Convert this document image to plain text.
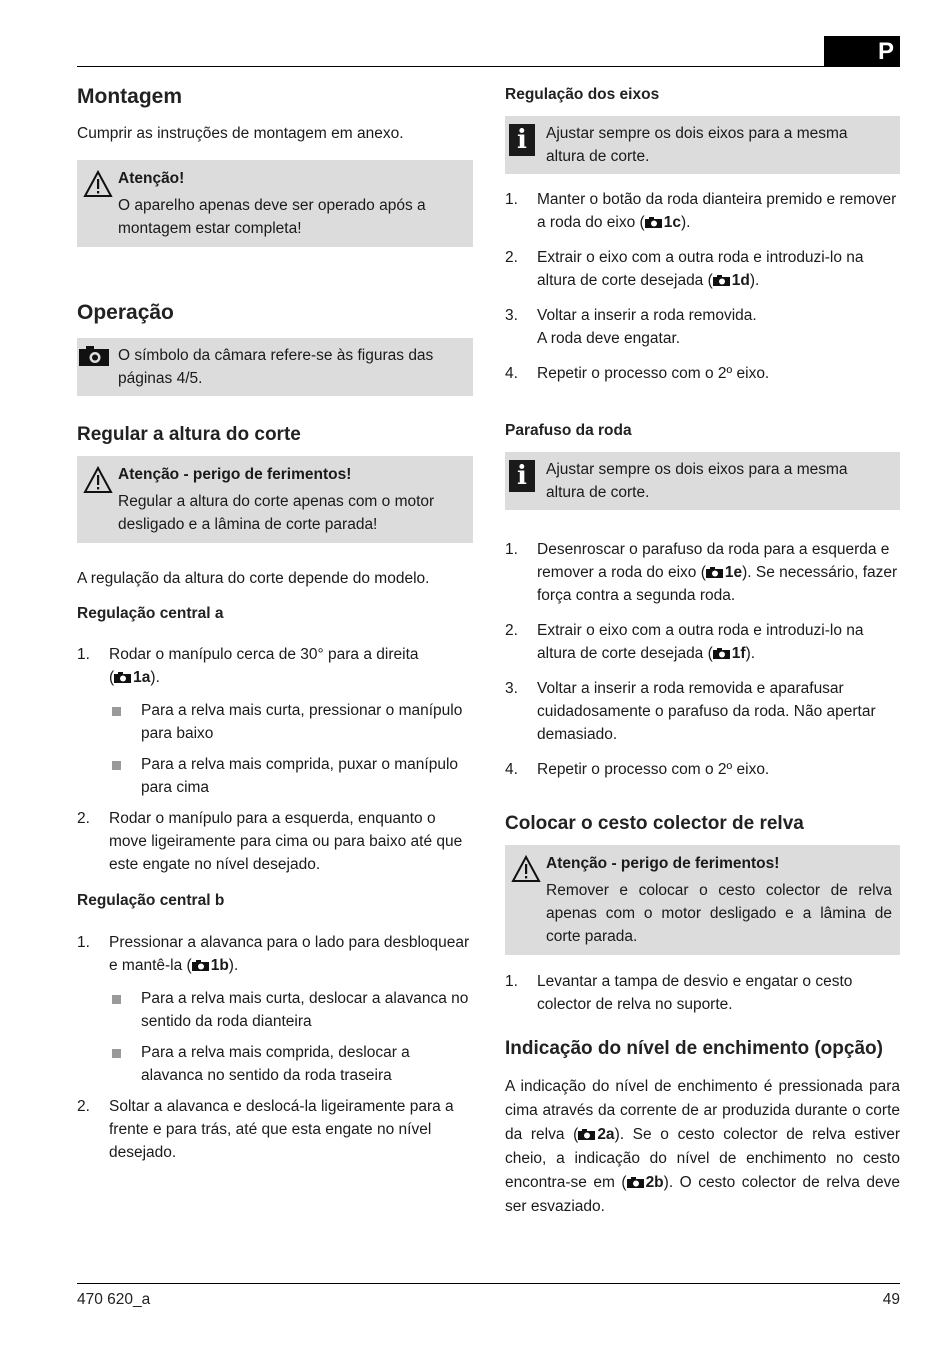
P
470 620_a	49
Montagem

Cumprir as instruções de montagem em anexo.

Atenção!
O aparelho apenas deve ser operado após a montagem estar completa!
Operação
O símbolo da câmara refere-se às figuras das páginas 4/5.
Regular a altura do corte
Atenção - perigo de ferimentos!
Regular a altura do corte apenas com o motor desligado e a lâmina de corte parada!

A regulação da altura do corte depende do modelo.

Regulação central a
1. Rodar o manípulo cerca de 30° para a direita
( 1a).
Para a relva mais curta, pressionar o manípulo para baixo
Para a relva mais comprida, puxar o manípulo para cima
2. Rodar o manípulo para a esquerda, enquanto o move ligeiramente para cima ou para baixo até que este engate no nível desejado.
Regulação central b
1. Pressionar a alavanca para o lado para desbloquear e mantê-la ( 1b).
Para a relva mais curta, deslocar a alavanca no sentido da roda dianteira
Para a relva mais comprida, deslocar a alavanca no sentido da roda traseira
2. Soltar a alavanca e deslocá-la ligeiramente para a frente e para trás, até que esta engate no nível desejado.
Regulação dos eixos
i	Ajustar sempre os dois eixos para a mesma altura de corte.
1. Manter o botão da roda dianteira premido e remover a roda do eixo ( 1c).
2. Extrair o eixo com a outra roda e introduzi-lo na altura de corte desejada ( 1d).
3. Voltar a inserir a roda removida.
A roda deve engatar.
4. Repetir o processo com o 2º eixo.
Parafuso da roda
i	Ajustar sempre os dois eixos para a mesma altura de corte.
1. Desenroscar o parafuso da roda para a esquerda e remover a roda do eixo ( 1e). Se necessário, fazer força contra a segunda roda.
2. Extrair o eixo com a outra roda e introduzi-lo na altura de corte desejada ( 1f).
3. Voltar a inserir a roda removida e aparafusar cuidadosamente o parafuso da roda. Não apertar demasiado.
4. Repetir o processo com o 2º eixo.
Colocar o cesto colector de relva
Atenção - perigo de ferimentos!
Remover e colocar o cesto colector de relva apenas com o motor desligado e a lâmina de corte parada.
1. Levantar a tampa de desvio e engatar o cesto colector de relva no suporte.
Indicação do nível de enchimento (opção)

A indicação do nível de enchimento é pressionada para cima através da corrente de ar produzida durante o corte da relva ( 2a). Se o cesto colector de relva estiver cheio, a indicação do nível de enchimento no cesto encontra-se em ( 2b). O cesto colector de relva deve ser esvaziado.
